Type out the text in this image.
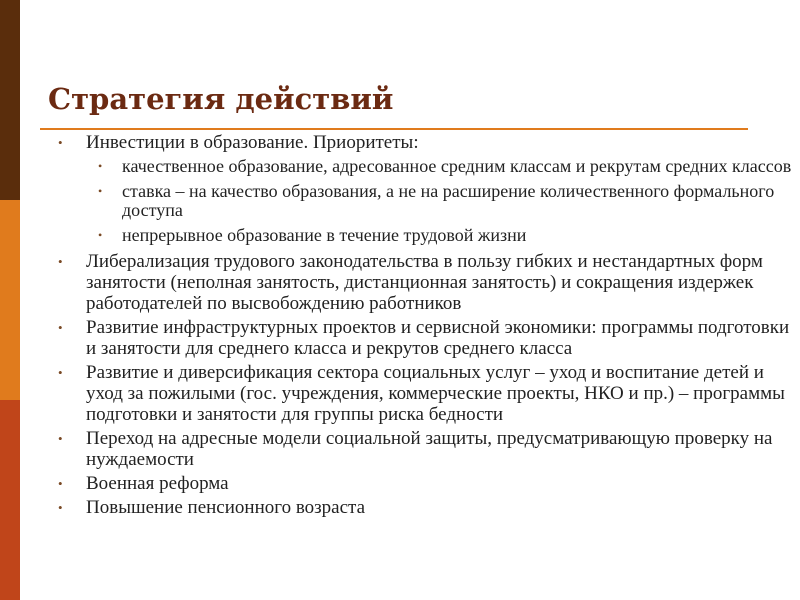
Стратегия действий
• Инвестиции в образование. Приоритеты:
• качественное образование, адресованное средним классам и рекрутам средних классов
• ставка – на качество образования, а не на расширение количественного формального доступа
• непрерывное образование в течение трудовой жизни
• Либерализация трудового законодательства в пользу гибких и нестандартных форм занятости (неполная занятость, дистанционная занятость) и сокращения издержек работодателей по высвобождению работников
• Развитие инфраструктурных проектов и сервисной экономики: программы подготовки и занятости для среднего класса и рекрутов среднего класса
• Развитие и диверсификация сектора социальных услуг – уход и воспитание детей и уход за пожилыми (гос. учреждения, коммерческие проекты, НКО и пр.) – программы подготовки и занятости для группы риска бедности
• Переход на адресные модели социальной защиты, предусматривающую проверку на нуждаемости
• Военная реформа
• Повышение пенсионного возраста
